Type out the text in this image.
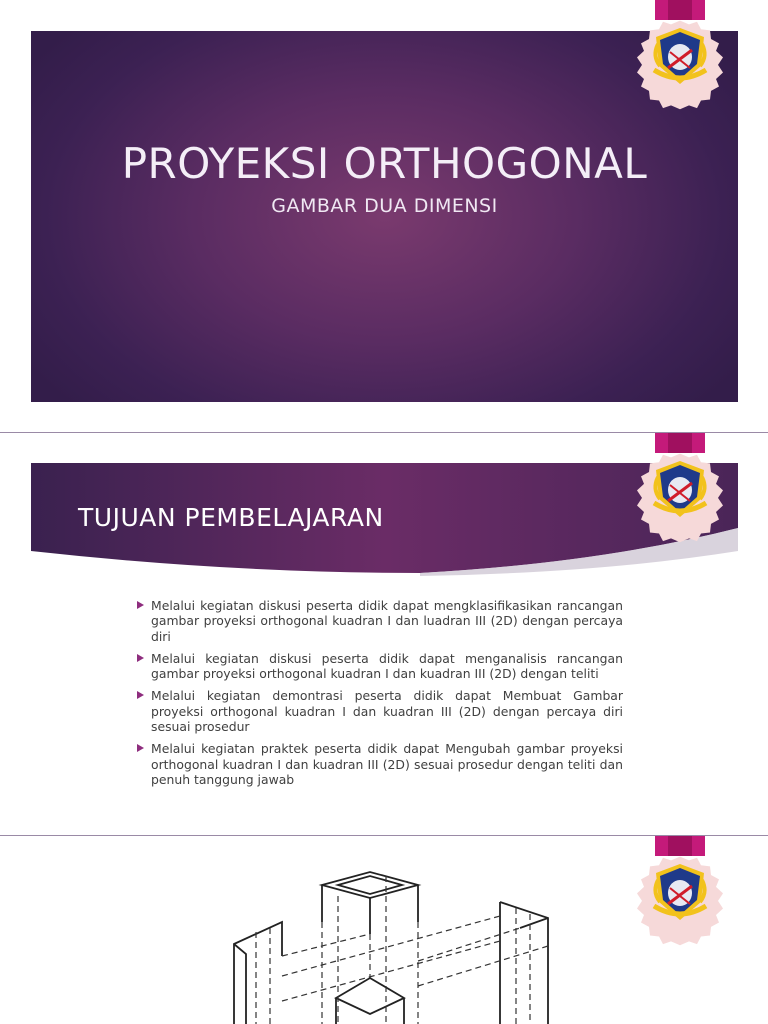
PROYEKSI ORTHOGONAL
GAMBAR DUA DIMENSI
TUJUAN PEMBELAJARAN
Melalui kegiatan diskusi peserta didik dapat mengklasifikasikan rancangan gambar proyeksi orthogonal kuadran I dan luadran III (2D) dengan percaya diri
Melalui kegiatan diskusi peserta didik dapat menganalisis rancangan gambar proyeksi orthogonal kuadran I dan kuadran III (2D) dengan teliti
Melalui kegiatan demontrasi peserta didik dapat Membuat Gambar proyeksi orthogonal kuadran I dan kuadran III (2D) dengan percaya diri sesuai prosedur
Melalui kegiatan praktek peserta didik dapat Mengubah gambar proyeksi orthogonal kuadran I dan kuadran III (2D) sesuai prosedur dengan teliti dan penuh tanggung jawab
